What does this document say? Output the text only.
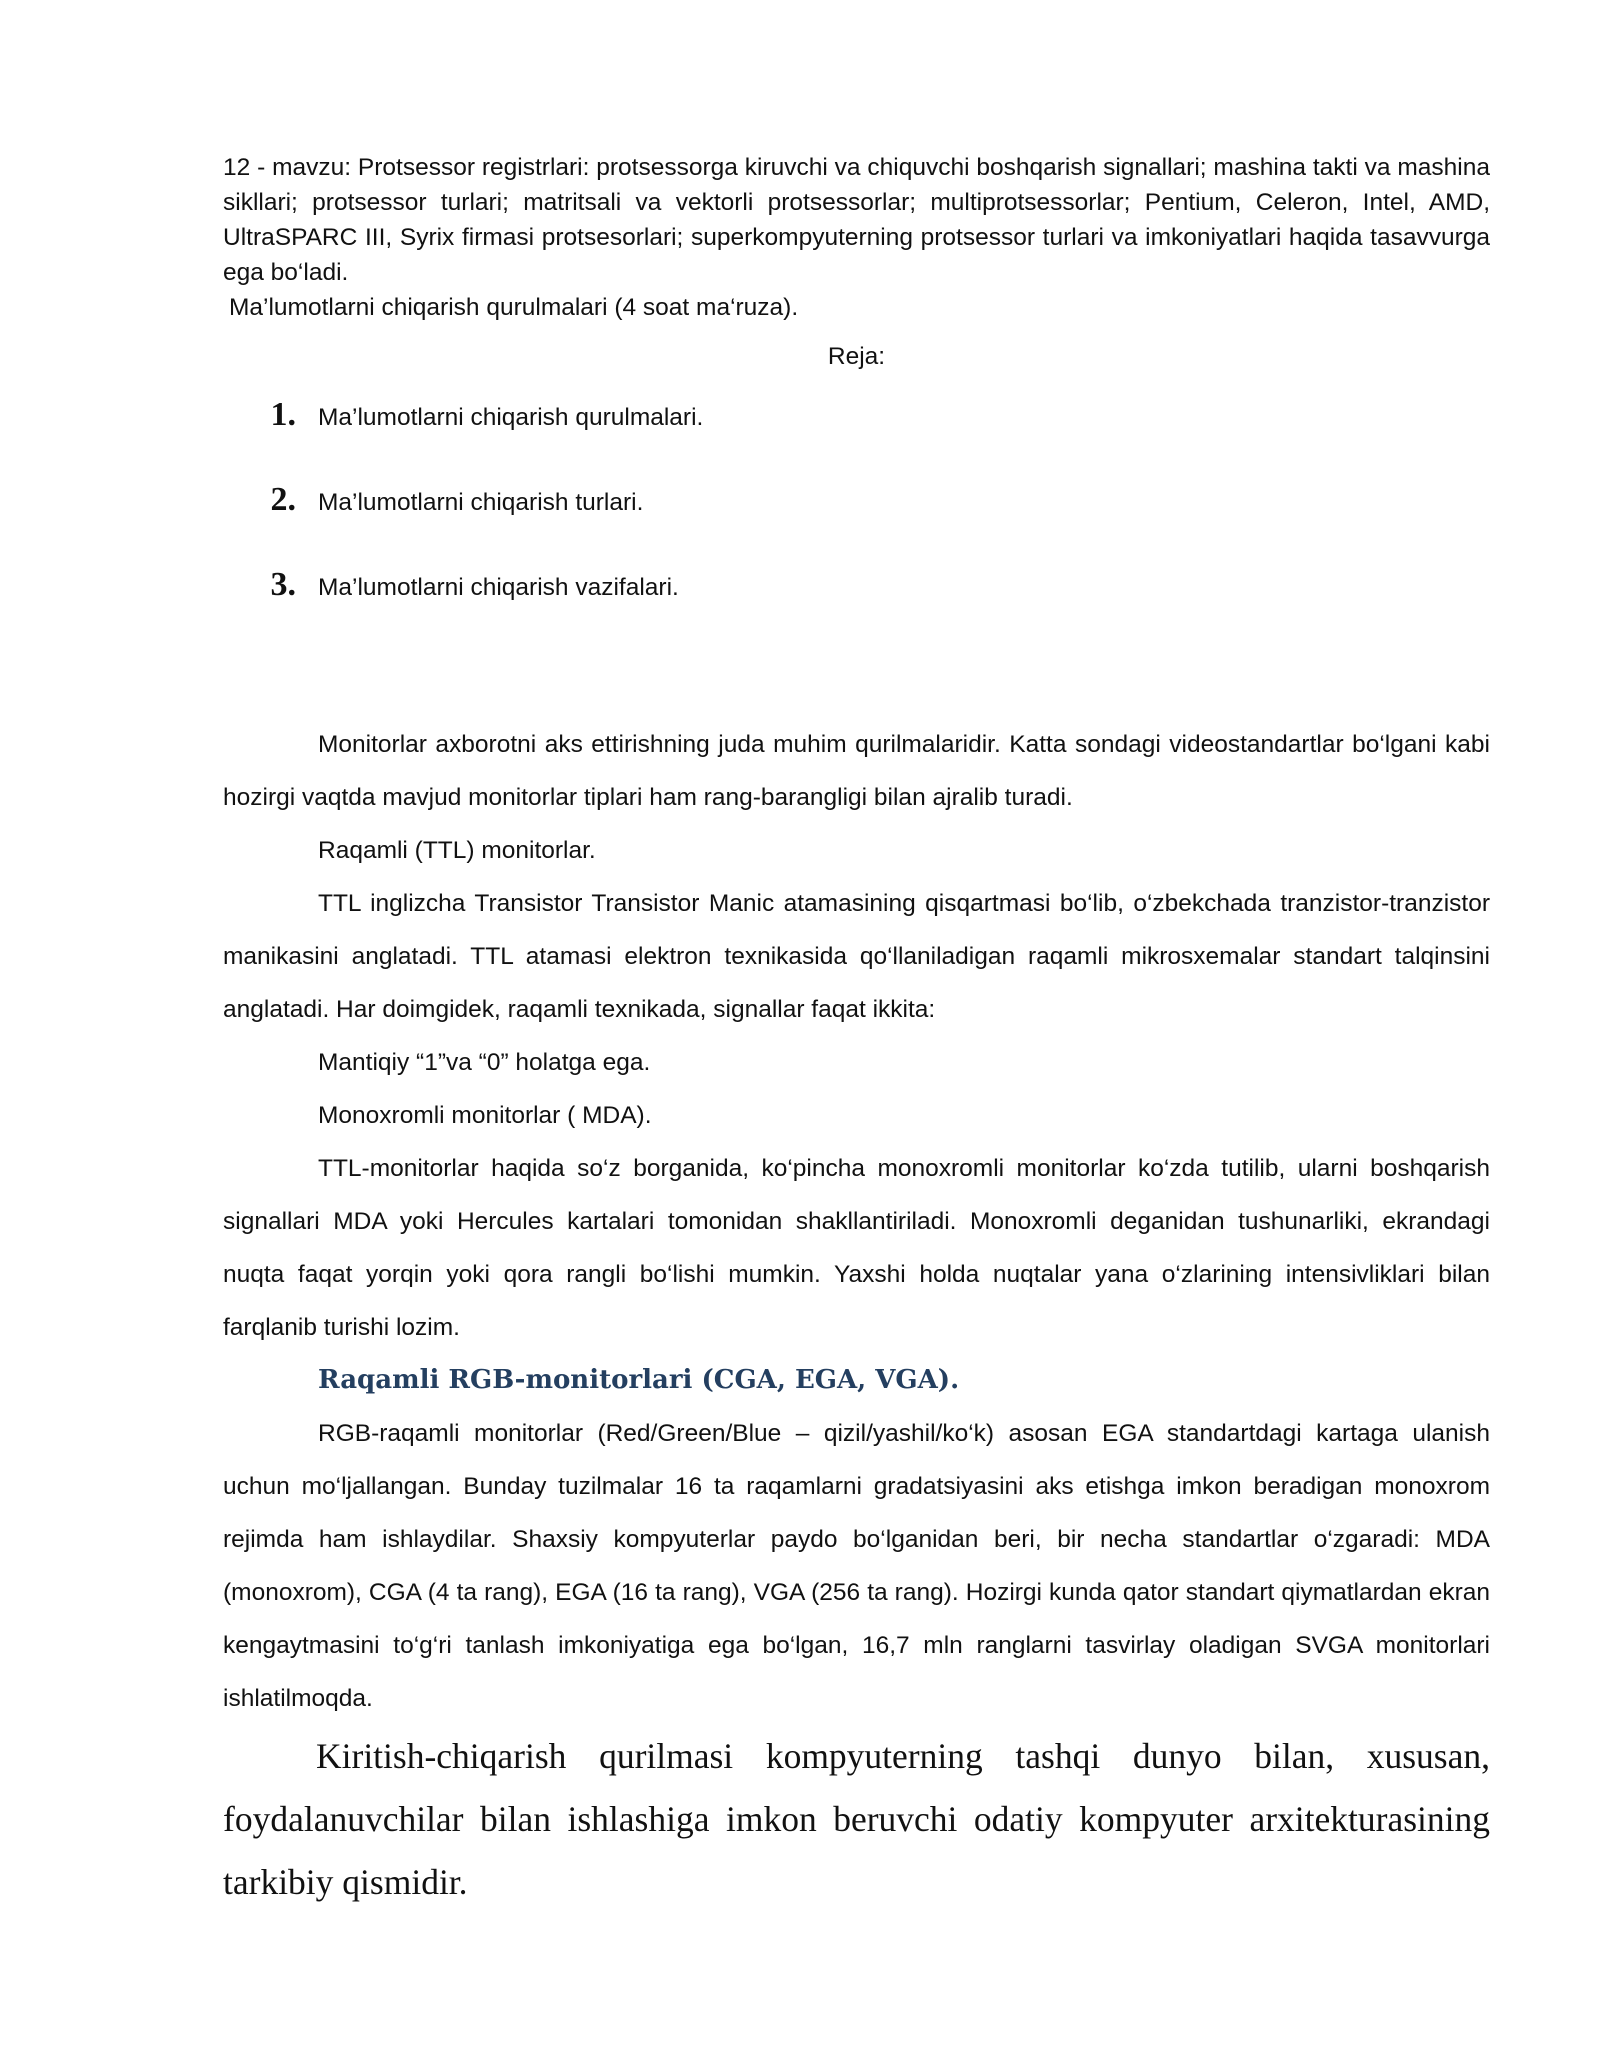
12 - mavzu: Protsessor registrlari: protsessorga kiruvchi va chiquvchi boshqarish signallari; mashina takti va mashina sikllari; protsessor turlari; matritsali va vektorli protsessorlar; multiprotsessorlar; Pentium, Celeron, Intel, AMD, UltraSPARC III, Syrix firmasi protsesorlari; superkompyuterning protsessor turlari va imkoniyatlari haqida tasavvurga ega bo‘ladi.

Ma’lumotlarni chiqarish qurulmalari (4 soat ma‘ruza).

Reja:

1. Ma’lumotlarni chiqarish qurulmalari.
2. Ma’lumotlarni chiqarish turlari.
3. Ma’lumotlarni chiqarish vazifalari.

Monitorlar axborotni aks ettirishning juda muhim qurilmalaridir. Katta sondagi videostandartlar bo‘lgani kabi hozirgi vaqtda mavjud monitorlar tiplari ham rang-barangligi bilan ajralib turadi.

Raqamli (TTL) monitorlar.

TTL inglizcha Transistor Transistor Manic atamasining qisqartmasi bo‘lib, o‘zbekchada tranzistor-tranzistor manikasini anglatadi. TTL atamasi elektron texnikasida qo‘llaniladigan raqamli mikrosxemalar standart talqinsini anglatadi. Har doimgidek, raqamli texnikada, signallar faqat ikkita:

Mantiqiy “1”va “0” holatga ega.

Monoxromli monitorlar ( MDA).

TTL-monitorlar haqida so‘z borganida, ko‘pincha monoxromli monitorlar ko‘zda tutilib, ularni boshqarish signallari MDA yoki Hercules kartalari tomonidan shakllantiriladi. Monoxromli deganidan tushunarliki, ekrandagi nuqta faqat yorqin yoki qora rangli bo‘lishi mumkin. Yaxshi holda nuqtalar yana o‘zlarining intensivliklari bilan farqlanib turishi lozim.

Raqamli RGB-monitorlari (CGA, EGA, VGA).

RGB-raqamli monitorlar (Red/Green/Blue – qizil/yashil/ko‘k) asosan EGA standartdagi kartaga ulanish uchun mo‘ljallangan. Bunday tuzilmalar 16 ta raqamlarni gradatsiyasini aks etishga imkon beradigan monoxrom rejimda ham ishlaydilar. Shaxsiy kompyuterlar paydo bo‘lganidan beri, bir necha standartlar o‘zgaradi: MDA (monoxrom), CGA (4 ta rang), EGA (16 ta rang), VGA (256 ta rang). Hozirgi kunda qator standart qiymatlardan ekran kengaytmasini to‘g‘ri tanlash imkoniyatiga ega bo‘lgan, 16,7 mln ranglarni tasvirlay oladigan SVGA monitorlari ishlatilmoqda.

Kiritish-chiqarish qurilmasi kompyuterning tashqi dunyo bilan, xususan, foydalanuvchilar bilan ishlashiga imkon beruvchi odatiy kompyuter arxitekturasining tarkibiy qismidir.
